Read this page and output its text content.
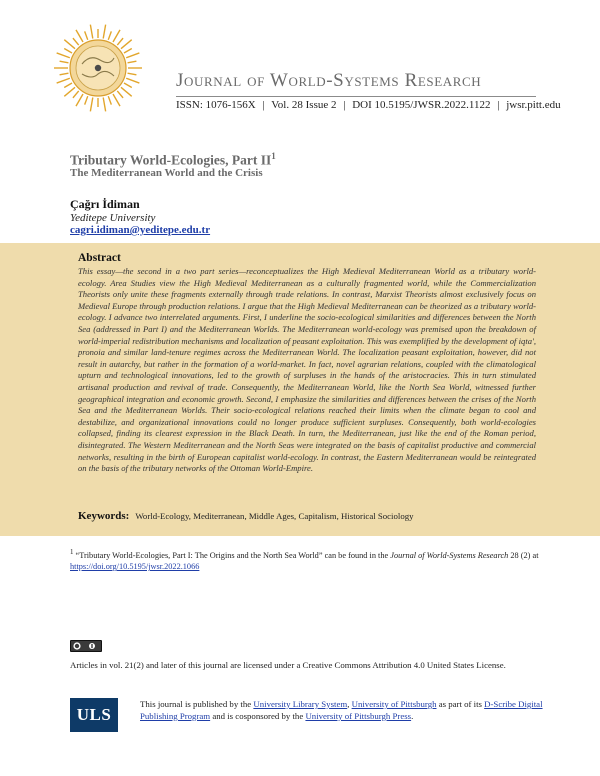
Journal of World-Systems Research
ISSN: 1076-156X | Vol. 28 Issue 2 | DOI 10.5195/JWSR.2022.1122 | jwsr.pitt.edu
Tributary World-Ecologies, Part $II^1$
The Mediterranean World and the Crisis
Çağrı İdiman
Yeditepe University
cagri.idiman@yeditepe.edu.tr
Abstract
This essay—the second in a two part series—reconceptualizes the High Medieval Mediterranean World as a tributary world-ecology. Area Studies view the High Medieval Mediterranean as a culturally fragmented world, while the Commercialization Theorists only unite these fragments externally through trade relations. In contrast, Marxist Theorists almost exclusively focus on Medieval Europe through production relations. I argue that the High Medieval Mediterranean can be theorized as a tributary world-ecology. I advance two interrelated arguments. First, I underline the socio-ecological similarities and differences between the North Sea (addressed in Part I) and the Mediterranean Worlds. The Mediterranean world-ecology was premised upon the breakdown of world-imperial redistribution mechanisms and localization of peasant exploitation. This was exemplified by the development of iqta', pronoia and similar land-tenure regimes across the Mediterranean World. The localization peasant exploitation, however, did not result in autarchy, but rather in the formation of a world-market. In fact, novel agrarian relations, coupled with the climatological upturn and technological innovations, led to the growth of surpluses in the hands of the aristocracies. This in turn stimulated artisanal production and revival of trade. Consequently, the Mediterranean World, like the North Sea World, witnessed further geographical integration and economic growth. Second, I emphasize the similarities and differences between the crises of the North Sea and the Mediterranean Worlds. Their socio-ecological relations reached their limits when the climate began to cool and destabilize, and organizational innovations could no longer produce sufficient surpluses. Consequently, both world-ecologies collapsed, finding its clearest expression in the Black Death. In turn, the Mediterranean, just like the end of the Roman period, disintegrated. The Western Mediterranean and the North Seas were integrated on the basis of capitalist productive and commercial networks, resulting in the birth of European capitalist world-ecology. In contrast, the Eastern Mediterranean would be reintegrated on the basis of the tributary networks of the Ottoman World-Empire.
Keywords: World-Ecology, Mediterranean, Middle Ages, Capitalism, Historical Sociology
$^1$ “Tributary World-Ecologies, Part I: The Origins and the North Sea World” can be found in the Journal of World-Systems Research 28 (2) at https://doi.org/10.5195/jwsr.2022.1066
Articles in vol. 21(2) and later of this journal are licensed under a Creative Commons Attribution 4.0 United States License.
ULS
This journal is published by the University Library System, University of Pittsburgh as part of its D-Scribe Digital Publishing Program and is cosponsored by the University of Pittsburgh Press.
